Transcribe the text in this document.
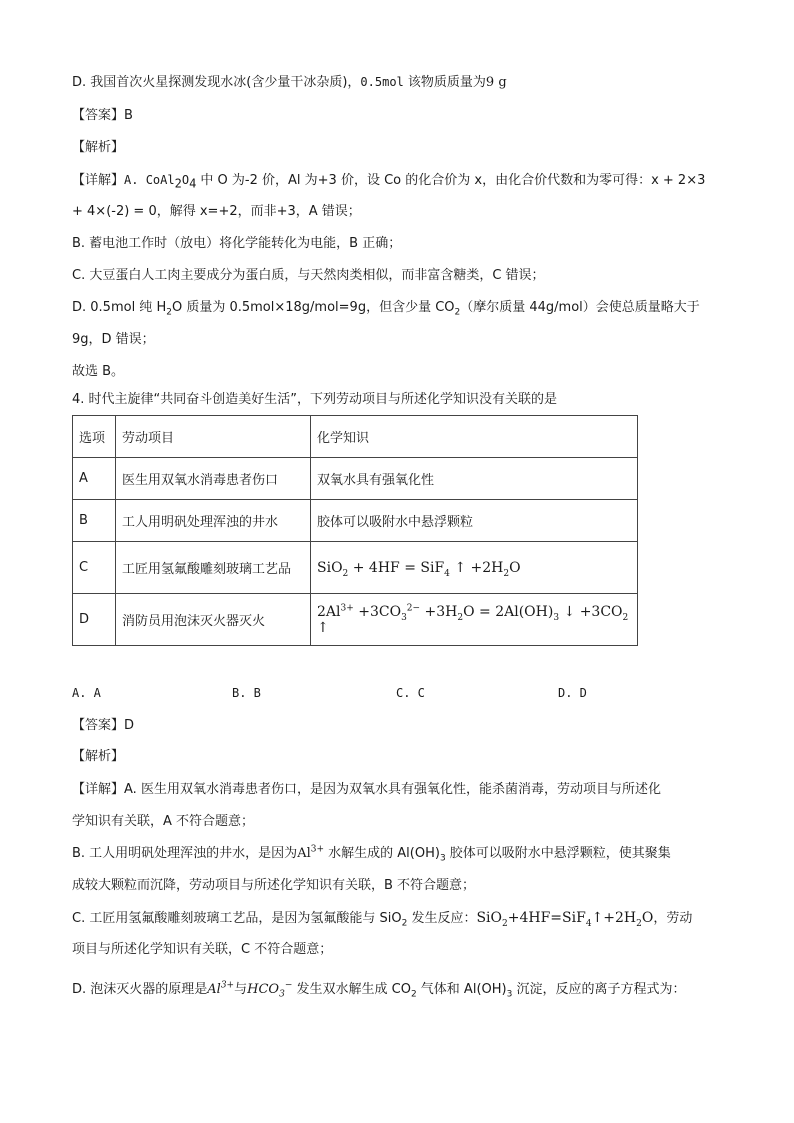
D. 我国首次火星探测发现水冰(含少量干冰杂质)，0.5mol 该物质质量为9 g
【答案】B
【解析】
【详解】A. $CoAl_2O_4$ 中 O 为-2 价，Al 为+3 价，设 Co 的化合价为 x，由化合价代数和为零可得：x + 2×3
+ 4×(-2) = 0，解得 x=+2，而非+3，A 错误；
B. 蓄电池工作时（放电）将化学能转化为电能，B 正确；
C. 大豆蛋白人工肉主要成分为蛋白质，与天然肉类相似，而非富含糖类，C 错误；
D. 0.5mol 纯 $H_2O$ 质量为 0.5mol×18g/mol=9g，但含少量 $CO_2$（摩尔质量 44g/mol）会使总质量略大于
9g，D 错误；
故选 B。
4. 时代主旋律“共同奋斗创造美好生活”，下列劳动项目与所述化学知识没有关联的是
选项	劳动项目	化学知识
A	医生用双氧水消毒患者伤口	双氧水具有强氧化性
B	工人用明矾处理浑浊的井水	胶体可以吸附水中悬浮颗粒
C	工匠用氢氟酸雕刻玻璃工艺品	SiO$_2$ + 4HF = SiF$_4$ ↑ $+2H_2O$
D	消防员用泡沫灭火器灭火	$2Al^{3+} +3CO_3^{2-} +3H_2O = 2Al(OH)_3$ ↓ $+3CO_2$ ↑
A. A	B. B	C. C	D. D
【答案】D
【解析】
【详解】A. 医生用双氧水消毒患者伤口，是因为双氧水具有强氧化性，能杀菌消毒，劳动项目与所述化
学知识有关联，A 不符合题意；
B. 工人用明矾处理浑浊的井水，是因为$Al^{3+}$ 水解生成的 $Al(OH)_3$ 胶体可以吸附水中悬浮颗粒，使其聚集
成较大颗粒而沉降，劳动项目与所述化学知识有关联，B 不符合题意；
C. 工匠用氢氟酸雕刻玻璃工艺品，是因为氢氟酸能与 SiO$_2$ 发生反应：$SiO_2+4HF=SiF_4↑+2H_2O$，劳动
项目与所述化学知识有关联，C 不符合题意；
D. 泡沫灭火器的原理是$Al^{3+}$与$HCO_3^-$ 发生双水解生成 $CO_2$ 气体和 $Al(OH)_3$ 沉淀，反应的离子方程式为：
